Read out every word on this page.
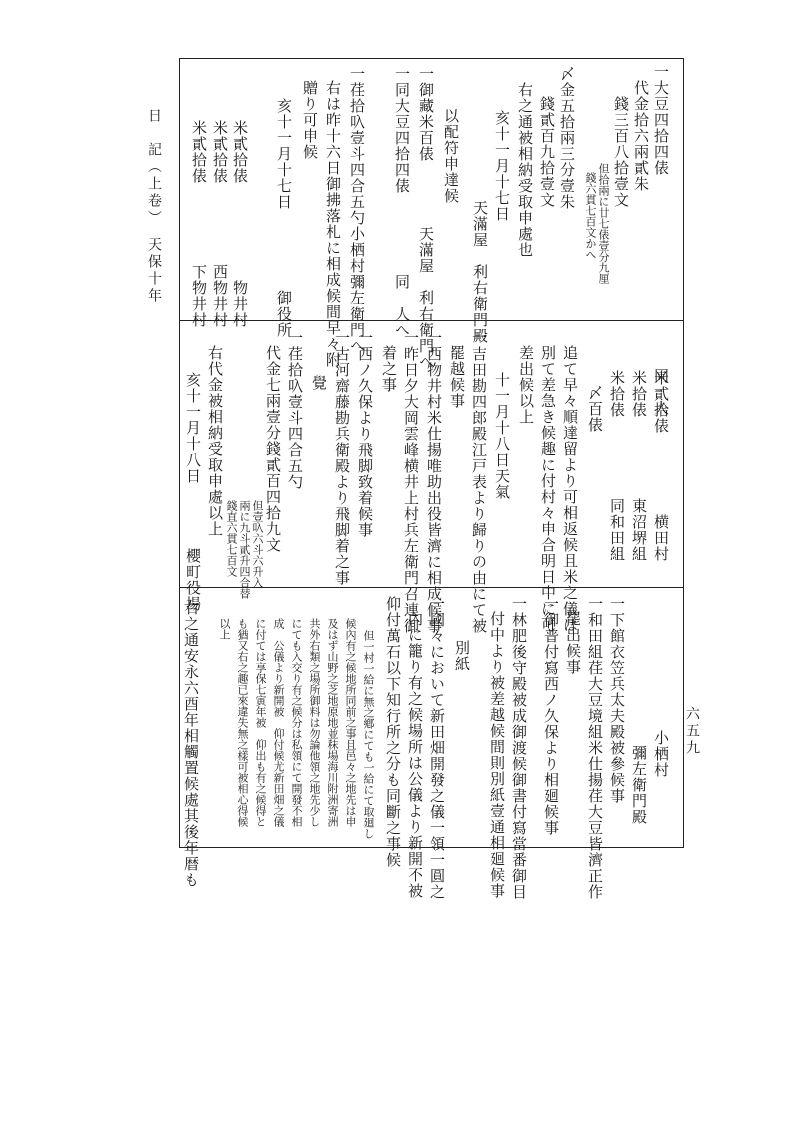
日　記（上卷）　天保十年
六五九
一大豆四拾四俵　　　　　　　　　　　　同　人
代金拾六兩貳朱
錢三百八拾壹文
但拾兩に廿七俵壹分九厘
錢六貫七百文かへ
〆金五拾兩三分壹朱
錢貳百九拾壹文
右之通被相納受取申處也
亥十一月十七日
天滿屋　利右衛門殿
以配符申達候
一御藏米百俵　　　　天滿屋　利右衛門へ
一同大豆四拾四俵　　　　　同　人へ
一荏拾叺壹斗四合五勺小栖村彌左衛門へ
右は昨十六日御拂落札に相成候間早々附
贈り可申候
亥十一月十七日　　　　　御役所
米貳拾俵　　　　　　物井村
米貳拾俵　　　　　西物井村
米貳拾俵　　　　　下物井村
米貳拾俵　　　　　横田村
米拾俵　　　　　東沼堺組
米拾俵　　　　　同和田組
〆百俵
追て早々順達留より可相返候且米之儀は
別て差急き候趣に付村々申合明日中に可
差出候以上
十一月十八日天氣
一吉田勘四郎殿江戸表より歸りの由にて被
罷越候事
一西物井村米仕揚唯助出役皆濟に相成候事
一昨日夕大岡雲峰横井上村兵左衛門召連御
着之事
一西ノ久保より飛脚致着候事
一古河齋藤勘兵衛殿より飛脚着之事
覺
一荏拾叺壹斗四合五勺
代金七兩壹分錢貳百四拾九文
但壹叺六斗六升入
兩に九斗貳升四合替
錢直六貫七百文
右代金被相納受取申處以上
亥十一月十八日　　　　櫻町役場
小栖村
彌左衛門殿
一下館衣笠兵太夫殿被參候事
一和田組荏大豆境組米仕揚荏大豆皆濟正作
罷出候事
一御普付寫西ノ久保より相廻候事
一林肥後守殿被成御渡候御書付寫當番御目
付中より被差越候間則別紙壹通相廻候事
別紙
一國々において新田畑開發之儀一領一圓之
內に籠り有之候場所は公儀より新開不被
仰付萬石以下知行所之分も同斷之事候
但一村一給に無之鄕にても一給にて取廻し
候內有之候地所同前之事且邑々之地先は申
及はず山野之芝地原地並秣場海川附洲寄洲
共外右類之場所御料は勿論他領之地先少し
にても入交り有之候分は私領にて開發不相
成　公儀より新開被　仰付候尤新田畑之儀
に付ては享保七寅年被　仰出も有之候得と
も猶又右之趣已來違失無之樣可被相心得候
以上
右之通安永六酉年相觸置候處其後年暦も
